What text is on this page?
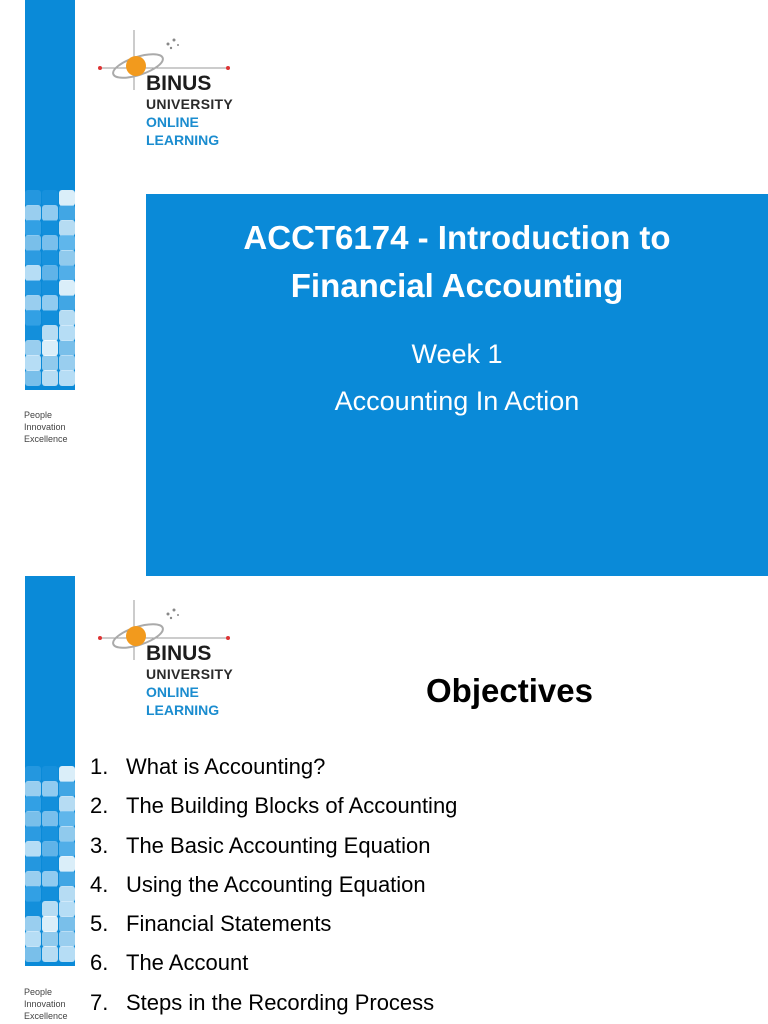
People
Innovation
Excellence
BINUS
UNIVERSITY
ONLINE
LEARNING
ACCT6174 - Introduction to
Financial Accounting
Week 1
Accounting In Action
People
Innovation
Excellence
BINUS
UNIVERSITY
ONLINE
LEARNING
Objectives
1. What is Accounting?
2. The Building Blocks of Accounting
3. The Basic Accounting Equation
4. Using the Accounting Equation
5. Financial Statements
6. The Account
7. Steps in the Recording Process
